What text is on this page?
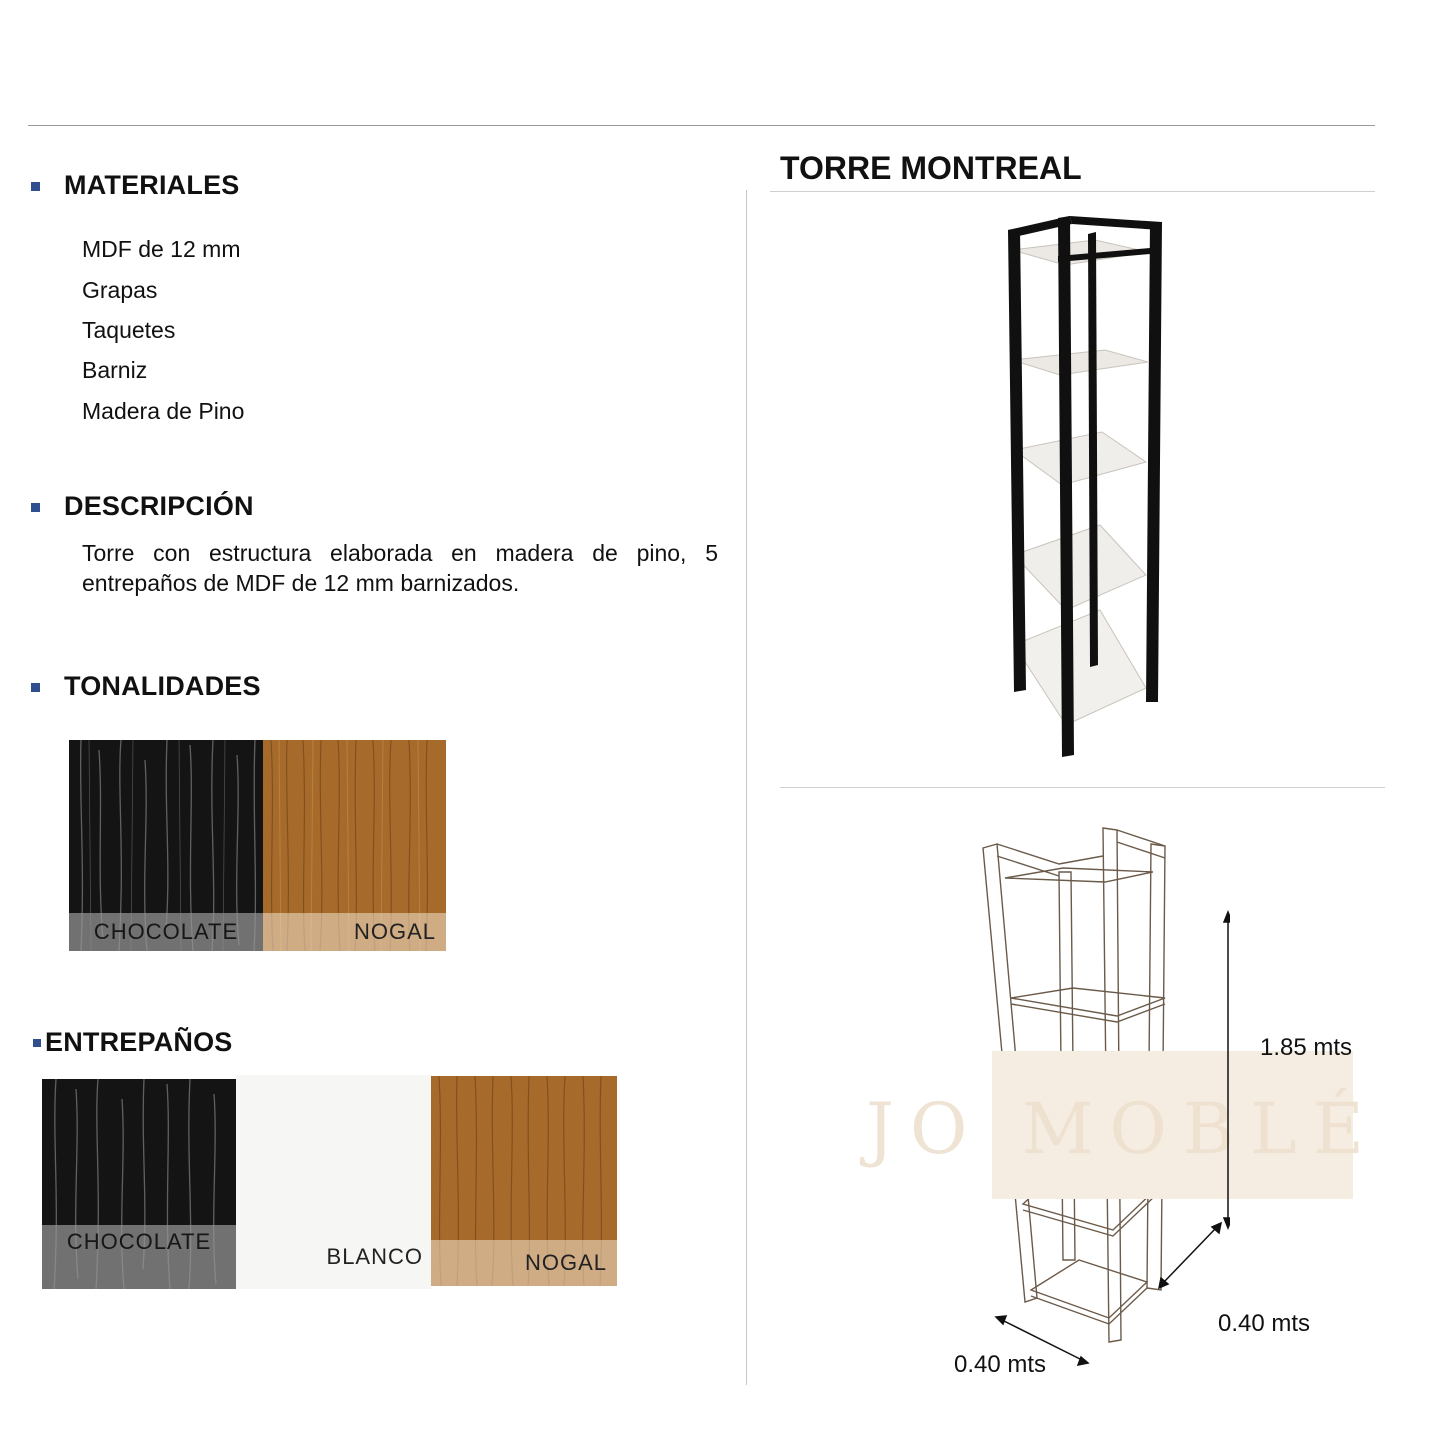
MATERIALES
MDF de 12 mm
Grapas
Taquetes
Barniz
Madera de Pino
DESCRIPCIÓN
Torre con estructura elaborada en madera de pino, 5 entrepaños de MDF de 12 mm barnizados.
TONALIDADES
CHOCOLATE	NOGAL
ENTREPAÑOS
CHOCOLATE
BLANCO	NOGAL
TORRE MONTREAL
JO MOBLÉ
1.85 mts
0.40 mts
0.40 mts
